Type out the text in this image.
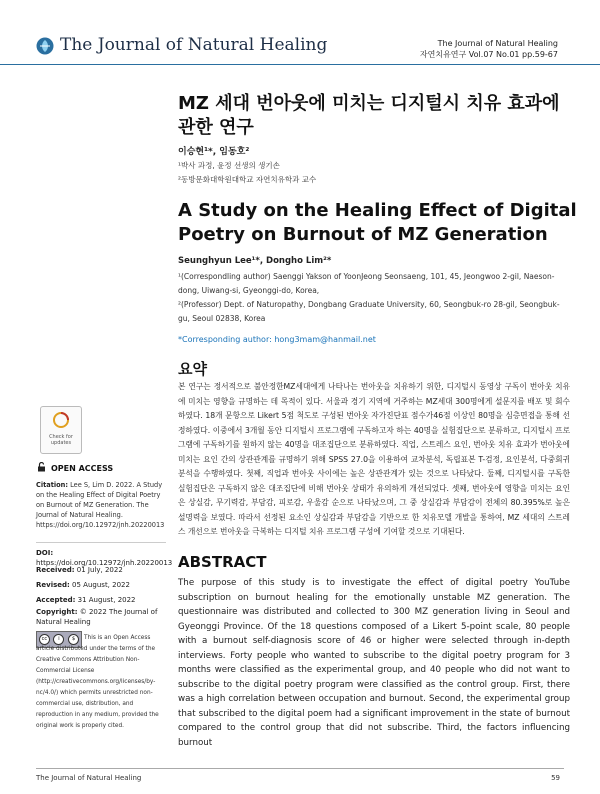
The Journal of Natural Healing	The Journal of Natural Healing
자연치유연구 Vol.07 No.01 pp.59-67
MZ 세대 번아웃에 미치는 디지털시 치유 효과에 관한 연구
이승현¹*, 임동호²
¹박사 과정, 윤정 선생의 생기손
²동방문화대학원대학교 자연치유학과 교수
A Study on the Healing Effect of Digital Poetry on Burnout of MZ Generation
Seunghyun Lee¹*, Dongho Lim²*
¹(Correspondling author) Saenggi Yakson of YoonJeong Seonsaeng, 101, 45, Jeongwoo 2-gil, Naeson-dong, Uiwang-si, Gyeonggi-do, Korea,
²(Professor) Dept. of Naturopathy, Dongbang Graduate University, 60, Seongbuk-ro 28-gil, Seongbuk-gu, Seoul 02838, Korea
*Corresponding author: hong3mam@hanmail.net
요약
본 연구는 정서적으로 불안정한MZ세대에게 나타나는 번아웃을 치유하기 위한, 디지털시 동영상 구독이 번아웃 치유에 미치는 영향을 규명하는 데 목적이 있다. 서울과 경기 지역에 거주하는 MZ세대 300명에게 설문지를 배포 및 회수하였다. 18개 문항으로 Likert 5점 척도로 구성된 번아웃 자가진단표 점수가46점 이상인 80명을 심층면접을 통해 선정하였다. 이중에서 3개월 동안 디지털시 프로그램에 구독하고자 하는 40명을 실험집단으로 분류하고, 디지털시 프로그램에 구독하기를 원하지 않는 40명을 대조집단으로 분류하였다. 직업, 스트레스 요인, 번아웃 치유 효과가 번아웃에 미치는 요인 간의 상관관계를 규명하기 위해 SPSS 27.0을 이용하여 교차분석, 독립표본 T-검정, 요인분석, 다중회귀분석을 수행하였다. 첫째, 직업과 번아웃 사이에는 높은 상관관계가 있는 것으로 나타났다. 둘째, 디지털시를 구독한 실험집단은 구독하지 않은 대조집단에 비해 번아웃 상태가 유의하게 개선되었다. 셋째, 번아웃에 영향을 미치는 요인은 상실감, 무기력감, 부담감, 피로감, 우울감 순으로 나타났으며, 그 중 상실감과 부담감이 전체의 80.395%로 높은 설명력을 보였다. 따라서 선정된 요소인 상실감과 부담감을 기반으로 한 치유모델 개발을 통하여, MZ 세대의 스트레스 개선으로 번아웃을 극복하는 디지털 치유 프로그램 구성에 기여할 것으로 기대된다.
ABSTRACT
The purpose of this study is to investigate the effect of digital poetry YouTube subscription on burnout healing for the emotionally unstable MZ generation. The questionnaire was distributed and collected to 300 MZ generation living in Seoul and Gyeonggi Province. Of the 18 questions composed of a Likert 5-point scale, 80 people with a burnout self-diagnosis score of 46 or higher were selected through in-depth interviews. Forty people who wanted to subscribe to the digital poetry program for 3 months were classified as the experimental group, and 40 people who did not want to subscribe to the digital poetry program were classified as the control group. First, there was a high correlation between occupation and burnout. Second, the experimental group that subscribed to the digital poem had a significant improvement in the state of burnout compared to the control group that did not subscribe. Third, the factors influencing burnout
Check for
updates
OPEN ACCESS
Citation: Lee S, Lim D. 2022. A Study on the Healing Effect of Digital Poetry on Burnout of MZ Generation. The Journal of Natural Healing. https://doi.org/10.12972/jnh.20220013
DOI: https://doi.org/10.12972/jnh.20220013
Received: 01 July, 2022
Revised: 05 August, 2022
Accepted: 31 August, 2022
Copyright: © 2022 The Journal of Natural Healing
cc	i	$	This is an Open Access article distributed under the terms of the Creative Commons Attribution Non-Commercial License (http://creativecommons.org/licenses/by-nc/4.0/) which permits unrestricted non-commercial use, distribution, and reproduction in any medium, provided the original work is properly cited.
The Journal of Natural Healing	59
